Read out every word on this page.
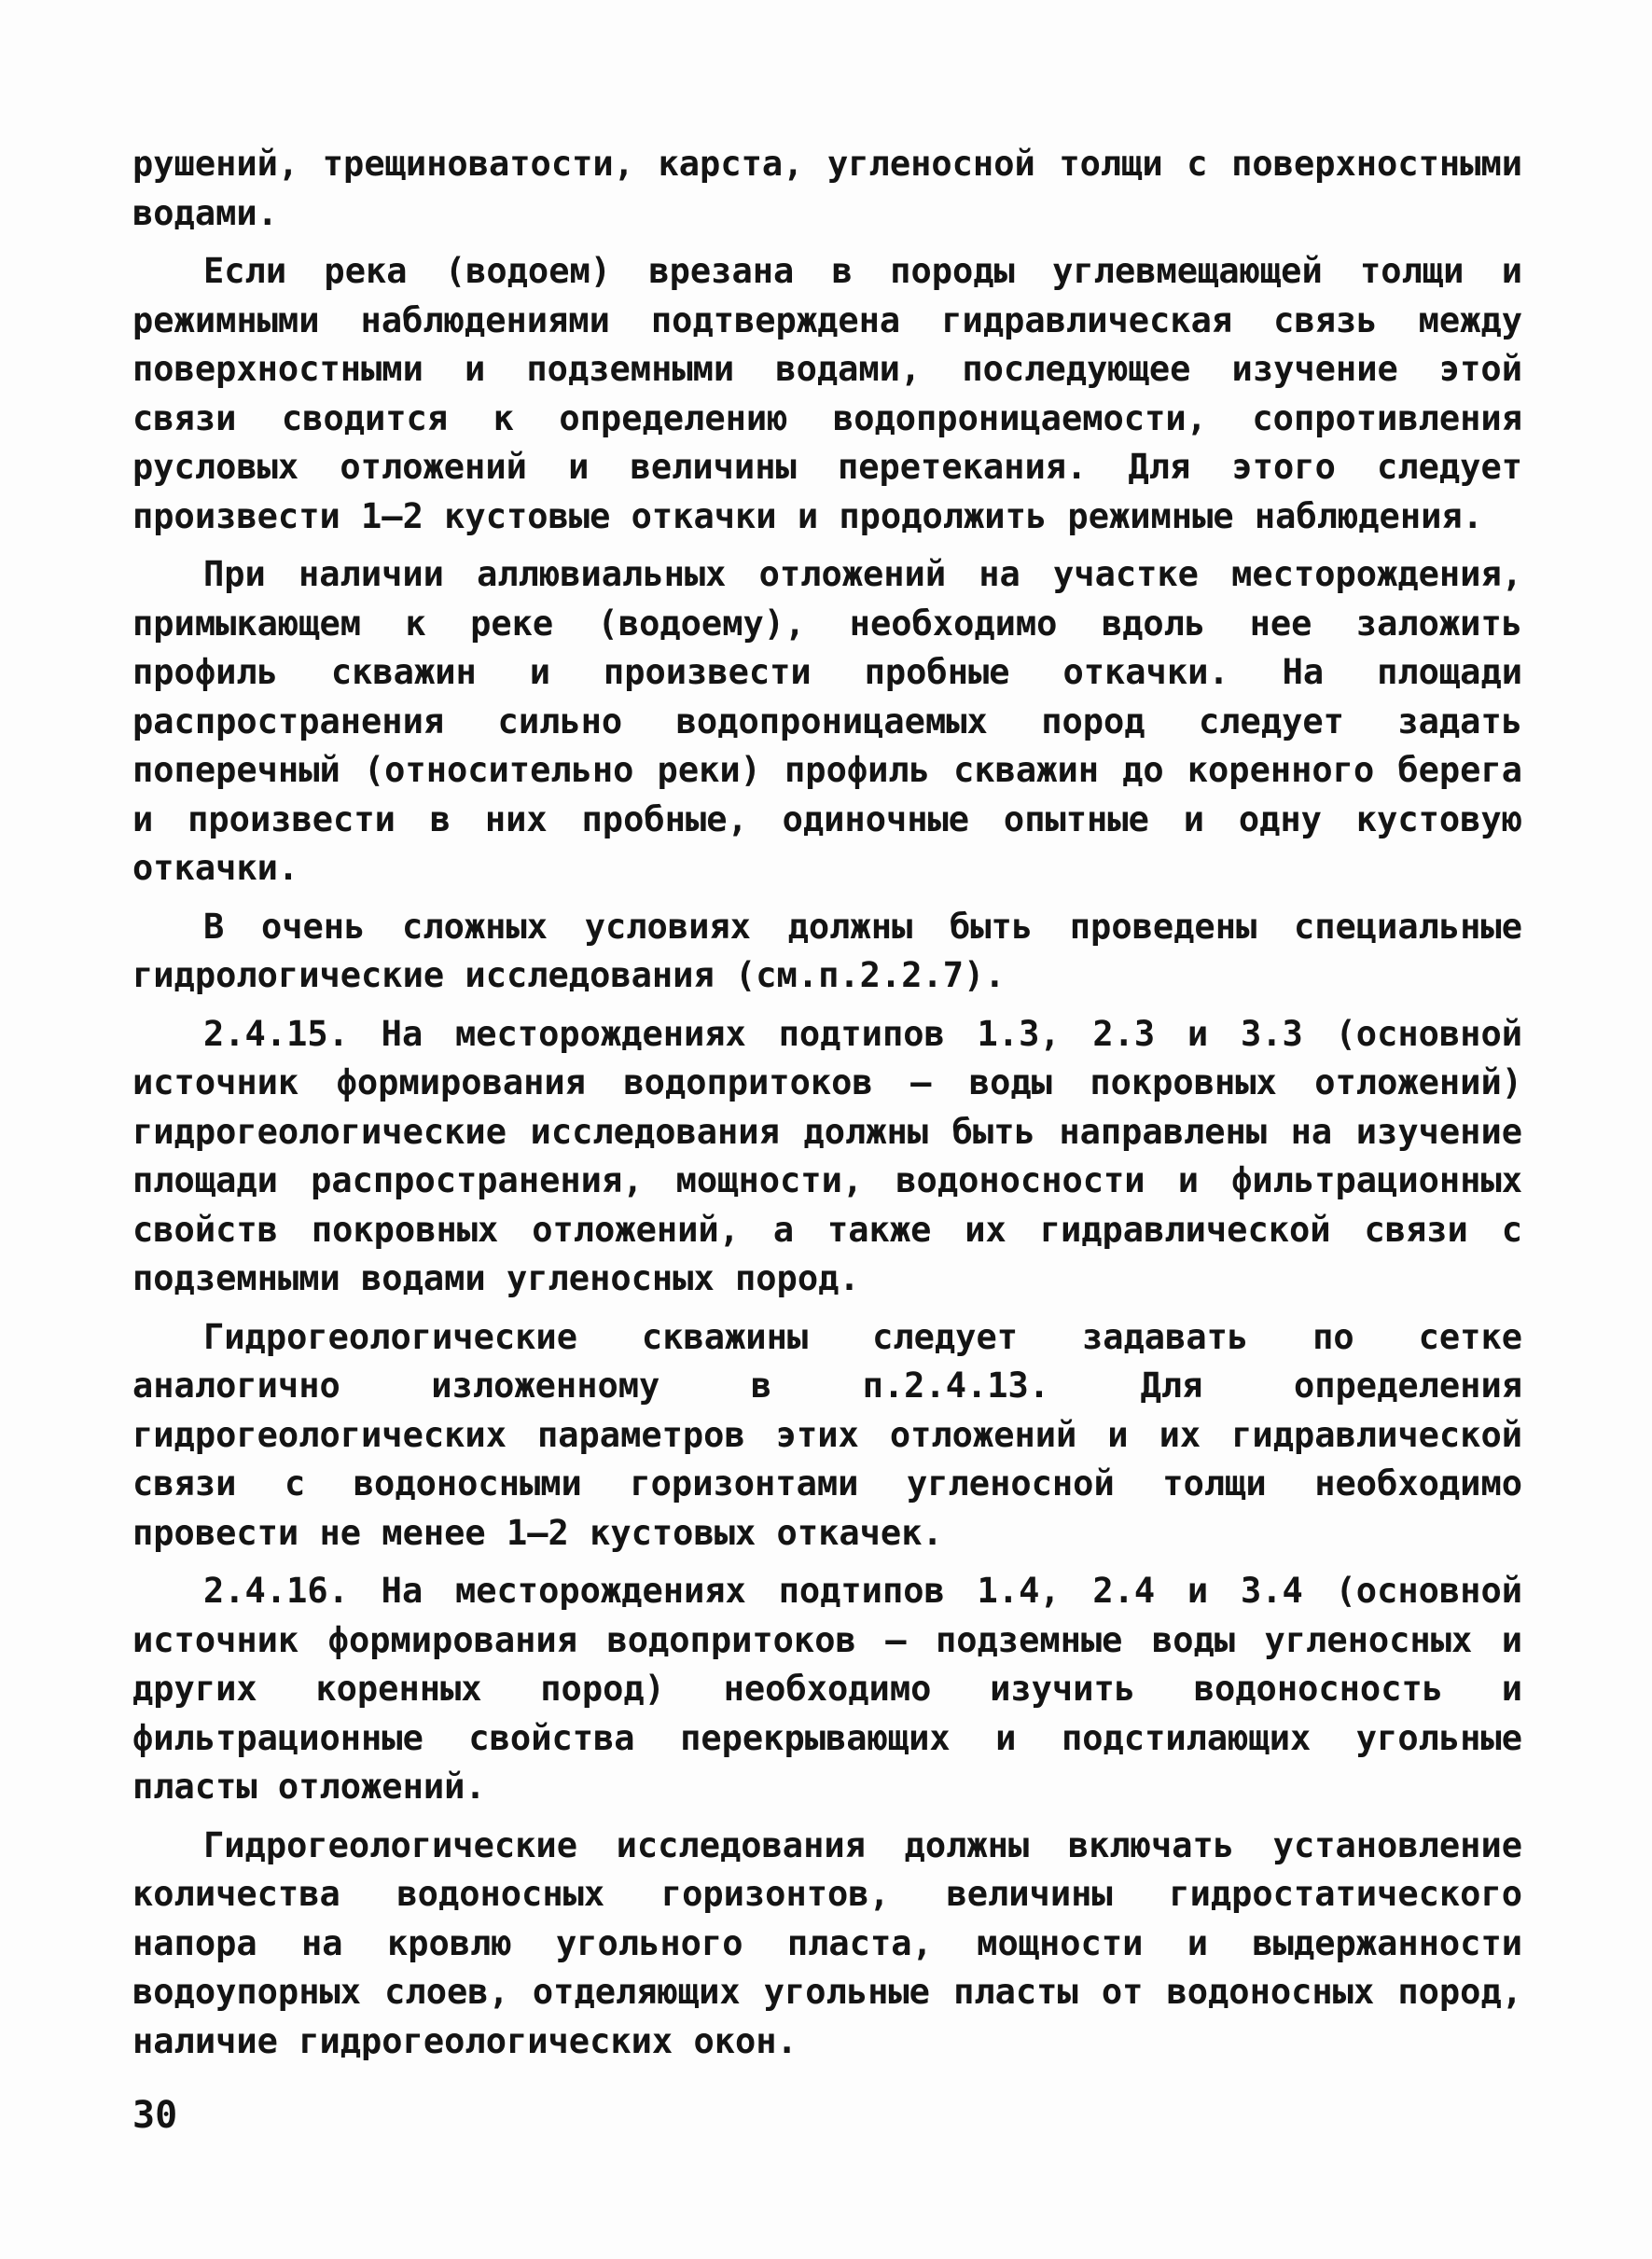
рушений, трещиноватости, карста, угленосной толщи с поверхностными водами.

Если река (водоем) врезана в породы углевмещающей толщи и режимными наблюдениями подтверждена гидравлическая связь между поверхностными и подземными водами, последующее изучение этой связи сводится к определению водопроницаемости, сопротивления русловых отложений и величины перетекания. Для этого следует произвести 1–2 кустовые откачки и продолжить режимные наблюдения.

При наличии аллювиальных отложений на участке месторождения, примыкающем к реке (водоему), необходимо вдоль нее заложить профиль скважин и произвести пробные откачки. На площади распространения сильно водопроницаемых пород следует задать поперечный (относительно реки) профиль скважин до коренного берега и произвести в них пробные, одиночные опытные и одну кустовую откачки.

В очень сложных условиях должны быть проведены специальные гидрологические исследования (см.п.2.2.7).

2.4.15. На месторождениях подтипов 1.3, 2.3 и 3.3 (основной источник формирования водопритоков – воды покровных отложений) гидрогеологические исследования должны быть направлены на изучение площади распространения, мощности, водоносности и фильтрационных свойств покровных отложений, а также их гидравлической связи с подземными водами угленосных пород.

Гидрогеологические скважины следует задавать по сетке аналогично изложенному в п.2.4.13. Для определения гидрогеологических параметров этих отложений и их гидравлической связи с водоносными горизонтами угленосной толщи необходимо провести не менее 1–2 кустовых откачек.

2.4.16. На месторождениях подтипов 1.4, 2.4 и 3.4 (основной источник формирования водопритоков – подземные воды угленосных и других коренных пород) необходимо изучить водоносность и фильтрационные свойства перекрывающих и подстилающих угольные пласты отложений.

Гидрогеологические исследования должны включать установление количества водоносных горизонтов, величины гидростатического напора на кровлю угольного пласта, мощности и выдержанности водоупорных слоев, отделяющих угольные пласты от водоносных пород, наличие гидрогеологических окон.

30
